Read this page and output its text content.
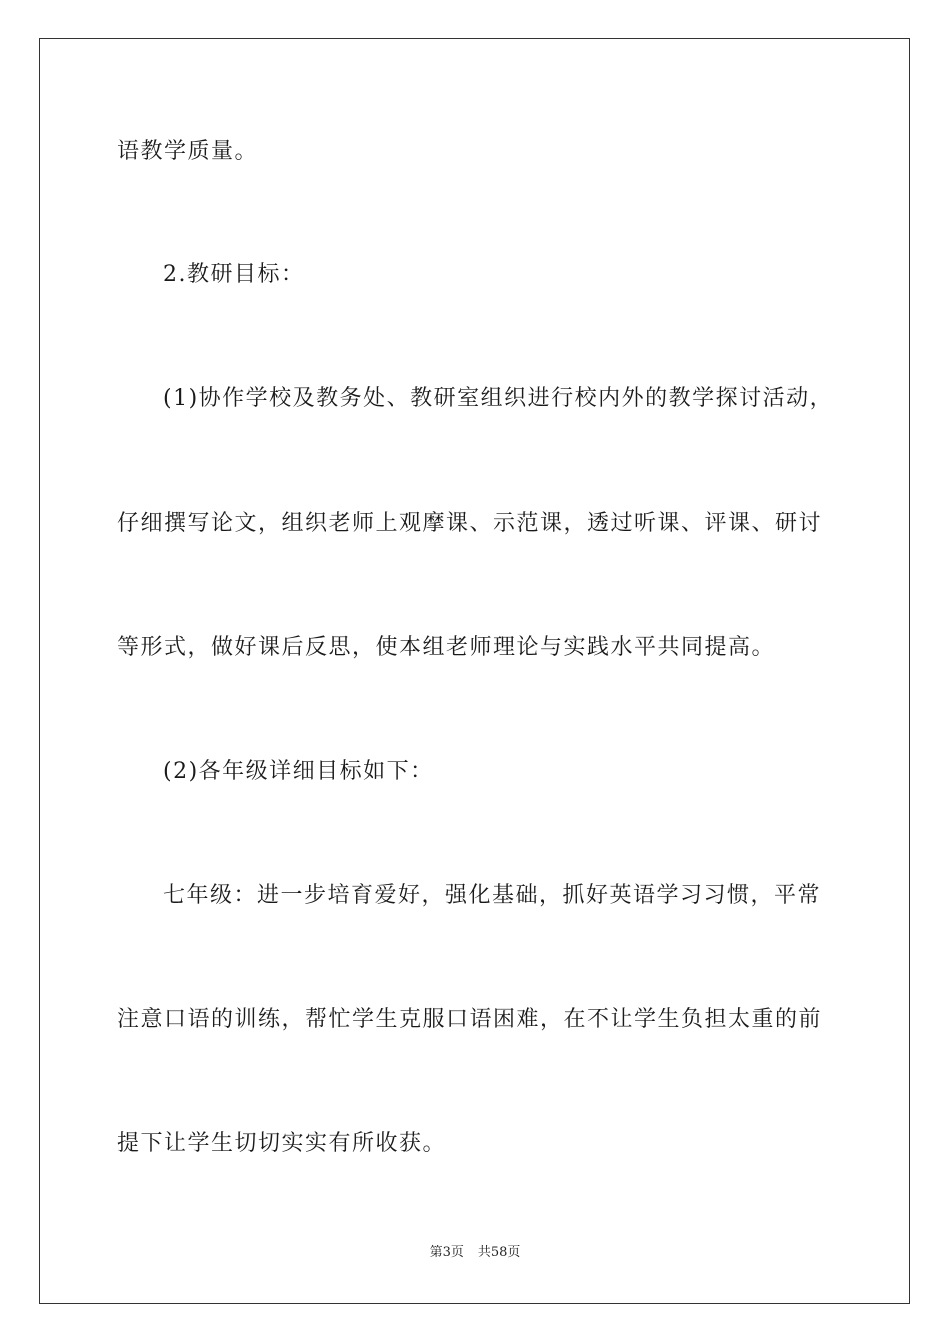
语教学质量。
2.教研目标：
(1)协作学校及教务处、教研室组织进行校内外的教学探讨活动，
仔细撰写论文，组织老师上观摩课、示范课，透过听课、评课、研讨
等形式，做好课后反思，使本组老师理论与实践水平共同提高。
(2)各年级详细目标如下：
七年级：进一步培育爱好，强化基础，抓好英语学习习惯，平常
注意口语的训练，帮忙学生克服口语困难，在不让学生负担太重的前
提下让学生切切实实有所收获。
第3页 共58页
